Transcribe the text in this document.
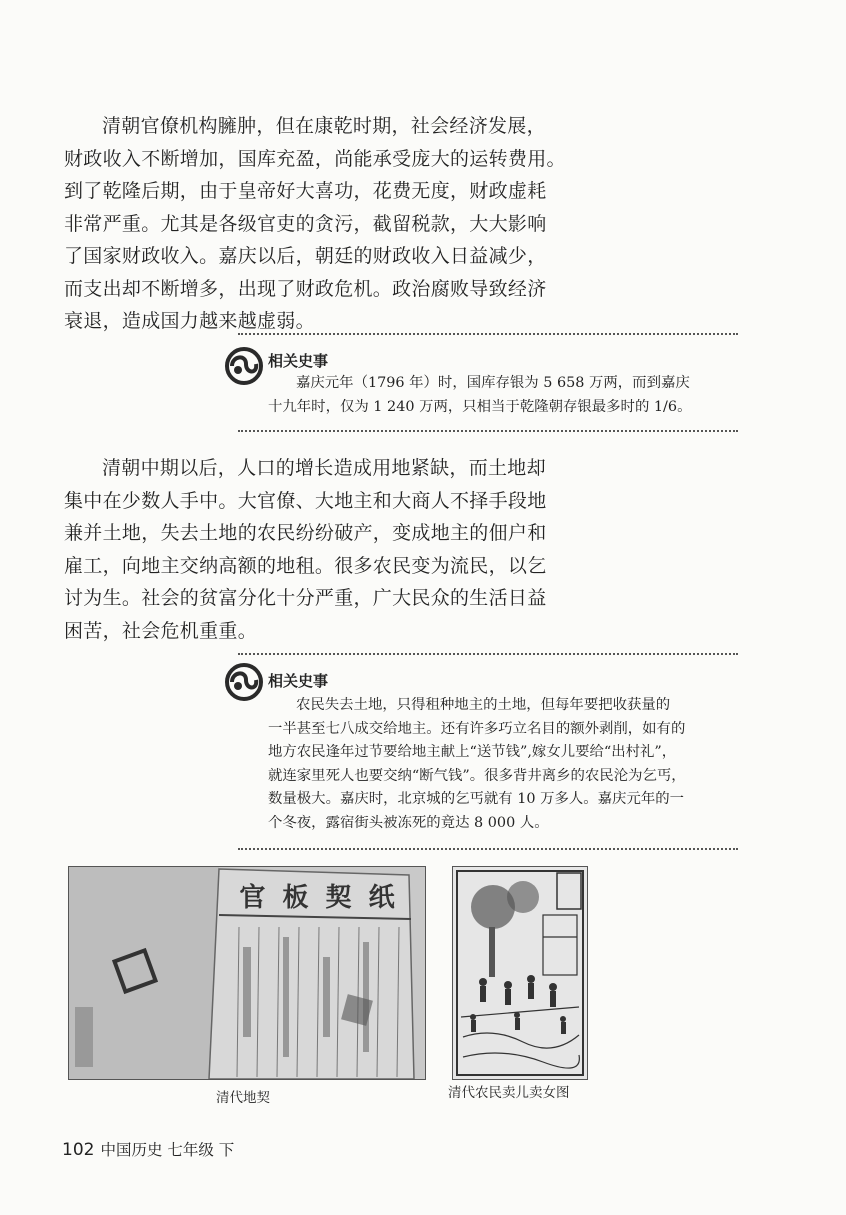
清朝官僚机构臃肿，但在康乾时期，社会经济发展，
财政收入不断增加，国库充盈，尚能承受庞大的运转费用。
到了乾隆后期，由于皇帝好大喜功，花费无度，财政虚耗
非常严重。尤其是各级官吏的贪污，截留税款，大大影响
了国家财政收入。嘉庆以后，朝廷的财政收入日益减少，
而支出却不断增多，出现了财政危机。政治腐败导致经济
衰退，造成国力越来越虚弱。
相关史事
嘉庆元年（1796 年）时，国库存银为 5 658 万两，而到嘉庆
十九年时，仅为 1 240 万两，只相当于乾隆朝存银最多时的 1/6。
清朝中期以后，人口的增长造成用地紧缺，而土地却
集中在少数人手中。大官僚、大地主和大商人不择手段地
兼并土地，失去土地的农民纷纷破产，变成地主的佃户和
雇工，向地主交纳高额的地租。很多农民变为流民，以乞
讨为生。社会的贫富分化十分严重，广大民众的生活日益
困苦，社会危机重重。
相关史事
农民失去土地，只得租种地主的土地，但每年要把收获量的
一半甚至七八成交给地主。还有许多巧立名目的额外剥削，如有的
地方农民逢年过节要给地主献上“送节钱”,嫁女儿要给“出村礼”，
就连家里死人也要交纳“断气钱”。很多背井离乡的农民沦为乞丐，
数量极大。嘉庆时，北京城的乞丐就有 10 万多人。嘉庆元年的一
个冬夜，露宿街头被冻死的竟达 8 000 人。
官 板 契 纸
清代地契	清代农民卖儿卖女图
102 中国历史 七年级 下
